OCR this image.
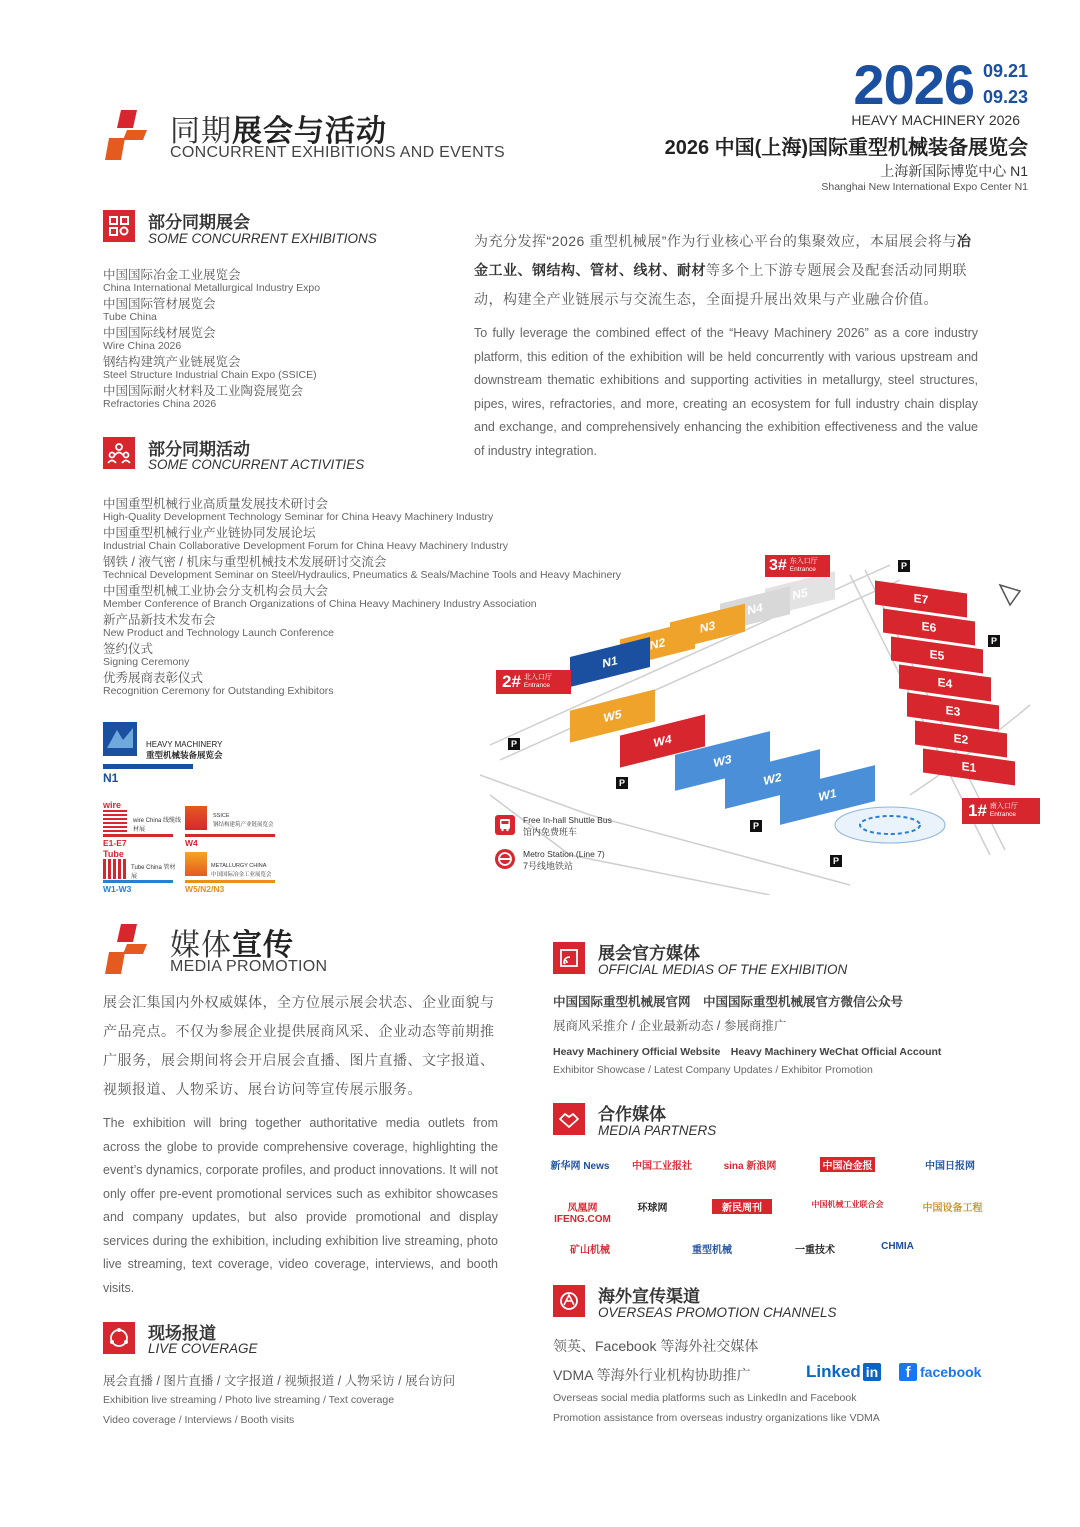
2026 09.21
09.23
HEAVY MACHINERY 2026
2026 中国(上海)国际重型机械装备展览会
上海新国际博览中心 N1
Shanghai New International Expo Center N1
同期展会与活动
CONCURRENT EXHIBITIONS AND EVENTS
部分同期展会
SOME CONCURRENT EXHIBITIONS
中国国际冶金工业展览会
China International Metallurgical Industry Expo
中国国际管材展览会
Tube China
中国国际线材展览会
Wire China 2026
钢结构建筑产业链展览会
Steel Structure Industrial Chain Expo (SSICE)
中国国际耐火材料及工业陶瓷展览会
Refractories China 2026
部分同期活动
SOME CONCURRENT ACTIVITIES
中国重型机械行业高质量发展技术研讨会
High-Quality Development Technology Seminar for China Heavy Machinery Industry
中国重型机械行业产业链协同发展论坛
Industrial Chain Collaborative Development Forum for China Heavy Machinery Industry
钢铁 / 液气密 / 机床与重型机械技术发展研讨交流会
Technical Development Seminar on Steel/Hydraulics, Pneumatics & Seals/Machine Tools and Heavy Machinery
中国重型机械工业协会分支机构会员大会
Member Conference of Branch Organizations of China Heavy Machinery Industry Association
新产品新技术发布会
New Product and Technology Launch Conference
签约仪式
Signing Ceremony
优秀展商表彰仪式
Recognition Ceremony for Outstanding Exhibitors
为充分发挥“2026 重型机械展”作为行业核心平台的集聚效应，本届展会将与冶金工业、钢结构、管材、线材、耐材等多个上下游专题展会及配套活动同期联动，构建全产业链展示与交流生态，全面提升展出效果与产业融合价值。
To fully leverage the combined effect of the “Heavy Machinery 2026” as a core industry platform, this edition of the exhibition will be held concurrently with various upstream and downstream thematic exhibitions and supporting activities in metallurgy, steel structures, pipes, wires, refractories, and more, creating an ecosystem for full industry chain display and exchange, and comprehensively enhancing the exhibition effectiveness and the value of industry integration.
HEAVY MACHINERY
重型机械装备展览会
N1
wire
wire China 线缆线材展
E1-E7
SSICE
钢结构建筑产业链展览会
W4
Tube
Tube China 管材展
W1-W3
METALLURGY CHINA
中国国际冶金工业展览会
W5/N2/N3
N5
N4
N3
N2
N1
E7
E6
E5
E4
E3
E2
E1
W5
W4
W3
W2
W1
3# 东入口厅
Entrance
2# 北入口厅
Entrance
1# 南入口厅
Entrance
P
P
P
P
P
P
Free In-hall Shuttle Bus
馆内免费班车
Metro Station (Line 7)
7号线地铁站
媒体宣传
MEDIA PROMOTION
展会汇集国内外权威媒体，全方位展示展会状态、企业面貌与产品亮点。不仅为参展企业提供展商风采、企业动态等前期推广服务，展会期间将会开启展会直播、图片直播、文字报道、视频报道、人物采访、展台访问等宣传展示服务。
The exhibition will bring together authoritative media outlets from across the globe to provide comprehensive coverage, highlighting the event’s dynamics, corporate profiles, and product innovations. It will not only offer pre-event promotional services such as exhibitor showcases and company updates, but also provide promotional and display services during the exhibition, including exhibition live streaming, photo live streaming, text coverage, video coverage, interviews, and booth visits.
现场报道
LIVE COVERAGE
展会直播 / 图片直播 / 文字报道 / 视频报道 / 人物采访 / 展台访问
Exhibition live streaming / Photo live streaming / Text coverage
Video coverage / Interviews / Booth visits
展会官方媒体
OFFICIAL MEDIAS OF THE EXHIBITION
中国国际重型机械展官网　中国国际重型机械展官方微信公众号
展商风采推介 / 企业最新动态 / 参展商推广
Heavy Machinery Official Website　Heavy Machinery WeChat Official Account
Exhibitor Showcase / Latest Company Updates / Exhibitor Promotion
合作媒体
MEDIA PARTNERS
新华网 News	中国工业报社	sina 新浪网	中国冶金报	中国日报网
凤凰网 IFENG.COM
环球网	新民周刊	中国机械工业联合会	中国设备工程
矿山机械	重型机械	一重技术	CHMIA
海外宣传渠道
OVERSEAS PROMOTION CHANNELS
领英、Facebook 等海外社交媒体
VDMA 等海外行业机构协助推广
Overseas social media platforms such as LinkedIn and Facebook
Promotion assistance from overseas industry organizations like VDMA
Linked in	f facebook
